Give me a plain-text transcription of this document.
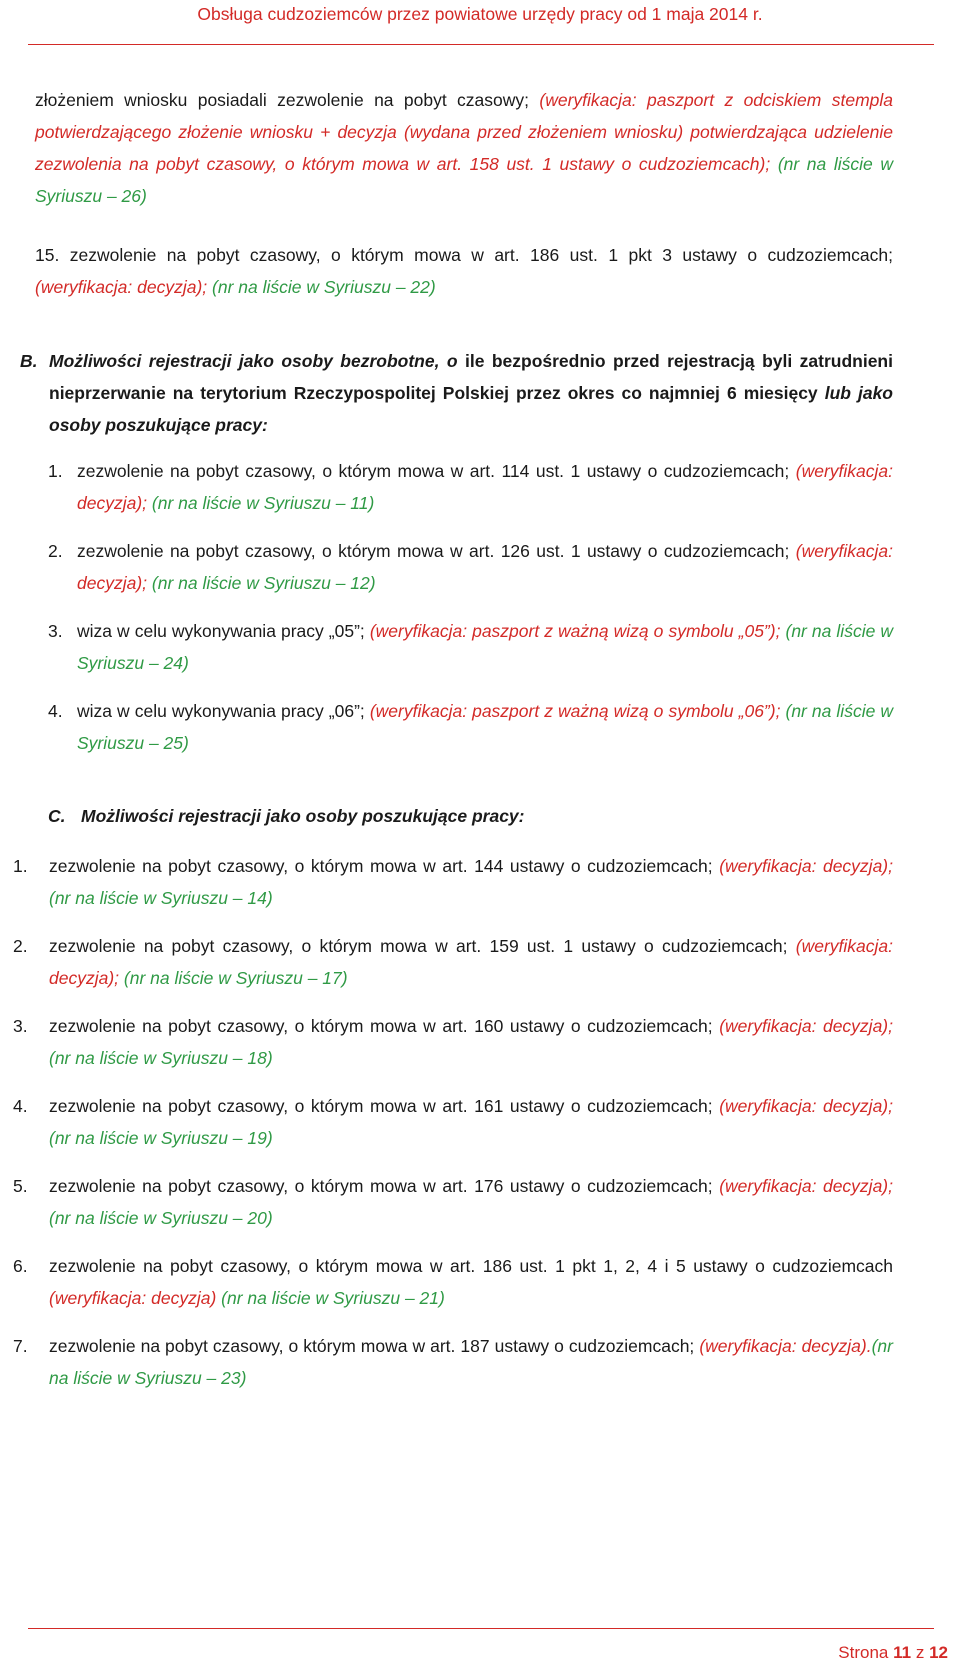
Obsługa cudzoziemców przez powiatowe urzędy pracy od 1 maja 2014 r.

złożeniem wniosku posiadali zezwolenie na pobyt czasowy; (weryfikacja: paszport z odciskiem stempla potwierdzającego złożenie wniosku + decyzja (wydana przed złożeniem wniosku) potwierdzająca udzielenie zezwolenia na pobyt czasowy, o którym mowa w art. 158 ust. 1 ustawy o cudzoziemcach); (nr na liście w Syriuszu – 26)

15. zezwolenie na pobyt czasowy, o którym mowa w art. 186 ust. 1 pkt 3 ustawy o cudzoziemcach; (weryfikacja: decyzja); (nr na liście w Syriuszu – 22)

B. Możliwości rejestracji jako osoby bezrobotne, o ile bezpośrednio przed rejestracją byli zatrudnieni nieprzerwanie na terytorium Rzeczypospolitej Polskiej przez okres co najmniej 6 miesięcy lub jako osoby poszukujące pracy:
1. zezwolenie na pobyt czasowy, o którym mowa w art. 114 ust. 1 ustawy o cudzoziemcach; (weryfikacja: decyzja); (nr na liście w Syriuszu – 11)
2. zezwolenie na pobyt czasowy, o którym mowa w art. 126 ust. 1 ustawy o cudzoziemcach; (weryfikacja: decyzja); (nr na liście w Syriuszu – 12)
3. wiza w celu wykonywania pracy „05”; (weryfikacja: paszport z ważną wizą o symbolu „05”); (nr na liście w Syriuszu – 24)
4. wiza w celu wykonywania pracy „06”; (weryfikacja: paszport z ważną wizą o symbolu „06”); (nr na liście w Syriuszu – 25)
C. Możliwości rejestracji jako osoby poszukujące pracy:
1. zezwolenie na pobyt czasowy, o którym mowa w art. 144 ustawy o cudzoziemcach; (weryfikacja: decyzja); (nr na liście w Syriuszu – 14)
2. zezwolenie na pobyt czasowy, o którym mowa w art. 159 ust. 1 ustawy o cudzoziemcach; (weryfikacja: decyzja); (nr na liście w Syriuszu – 17)
3. zezwolenie na pobyt czasowy, o którym mowa w art. 160 ustawy o cudzoziemcach; (weryfikacja: decyzja); (nr na liście w Syriuszu – 18)
4. zezwolenie na pobyt czasowy, o którym mowa w art. 161 ustawy o cudzoziemcach; (weryfikacja: decyzja); (nr na liście w Syriuszu – 19)
5. zezwolenie na pobyt czasowy, o którym mowa w art. 176 ustawy o cudzoziemcach; (weryfikacja: decyzja); (nr na liście w Syriuszu – 20)
6. zezwolenie na pobyt czasowy, o którym mowa w art. 186 ust. 1 pkt 1, 2, 4 i 5 ustawy o cudzoziemcach (weryfikacja: decyzja) (nr na liście w Syriuszu – 21)
7. zezwolenie na pobyt czasowy, o którym mowa w art. 187 ustawy o cudzoziemcach; (weryfikacja: decyzja).(nr na liście w Syriuszu – 23)
Strona 11 z 12
